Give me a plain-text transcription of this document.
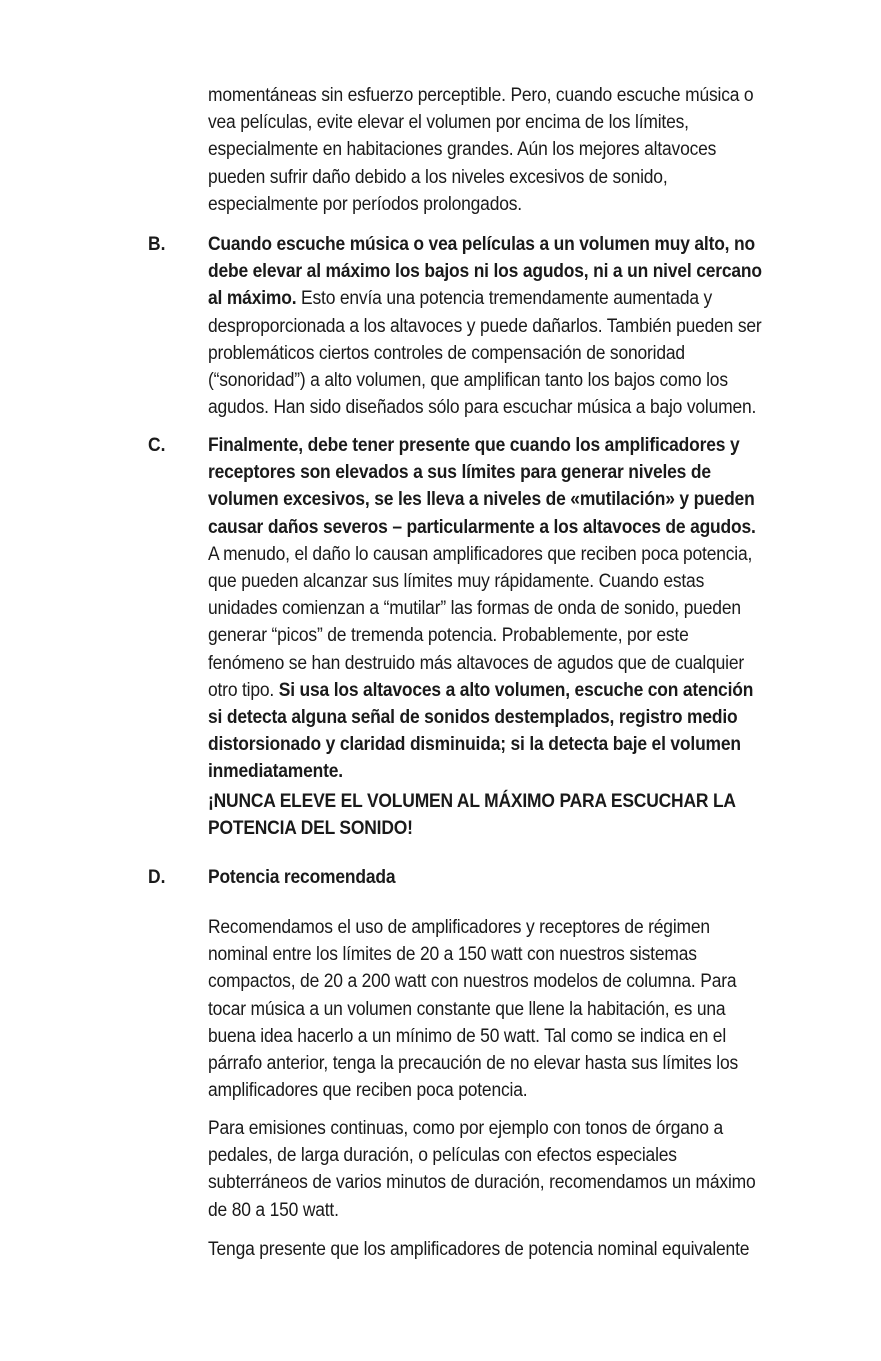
momentáneas sin esfuerzo perceptible. Pero, cuando escuche música o
vea películas, evite elevar el volumen por encima de los límites,
especialmente en habitaciones grandes. Aún los mejores altavoces
pueden sufrir daño debido a los niveles excesivos de sonido,
especialmente por períodos prolongados.
B. Cuando escuche música o vea películas a un volumen muy alto, no
debe elevar al máximo los bajos ni los agudos, ni a un nivel cercano
al máximo. Esto envía una potencia tremendamente aumentada y
desproporcionada a los altavoces y puede dañarlos. También pueden ser
problemáticos ciertos controles de compensación de sonoridad
(“sonoridad”) a alto volumen, que amplifican tanto los bajos como los
agudos. Han sido diseñados sólo para escuchar música a bajo volumen.
C. Finalmente, debe tener presente que cuando los amplificadores y
receptores son elevados a sus límites para generar niveles de
volumen excesivos, se les lleva a niveles de «mutilación» y pueden
causar daños severos – particularmente a los altavoces de agudos.
A menudo, el daño lo causan amplificadores que reciben poca potencia,
que pueden alcanzar sus límites muy rápidamente. Cuando estas
unidades comienzan a “mutilar” las formas de onda de sonido, pueden
generar “picos” de tremenda potencia. Probablemente, por este
fenómeno se han destruido más altavoces de agudos que de cualquier
otro tipo. Si usa los altavoces a alto volumen, escuche con atención
si detecta alguna señal de sonidos destemplados, registro medio
distorsionado y claridad disminuida; si la detecta baje el volumen
inmediatamente.
¡NUNCA ELEVE EL VOLUMEN AL MÁXIMO PARA ESCUCHAR LA
POTENCIA DEL SONIDO!
D. Potencia recomendada
Recomendamos el uso de amplificadores y receptores de régimen
nominal entre los límites de 20 a 150 watt con nuestros sistemas
compactos, de 20 a 200 watt con nuestros modelos de columna. Para
tocar música a un volumen constante que llene la habitación, es una
buena idea hacerlo a un mínimo de 50 watt. Tal como se indica en el
párrafo anterior, tenga la precaución de no elevar hasta sus límites los
amplificadores que reciben poca potencia.
Para emisiones continuas, como por ejemplo con tonos de órgano a
pedales, de larga duración, o películas con efectos especiales
subterráneos de varios minutos de duración, recomendamos un máximo
de 80 a 150 watt.
Tenga presente que los amplificadores de potencia nominal equivalente
